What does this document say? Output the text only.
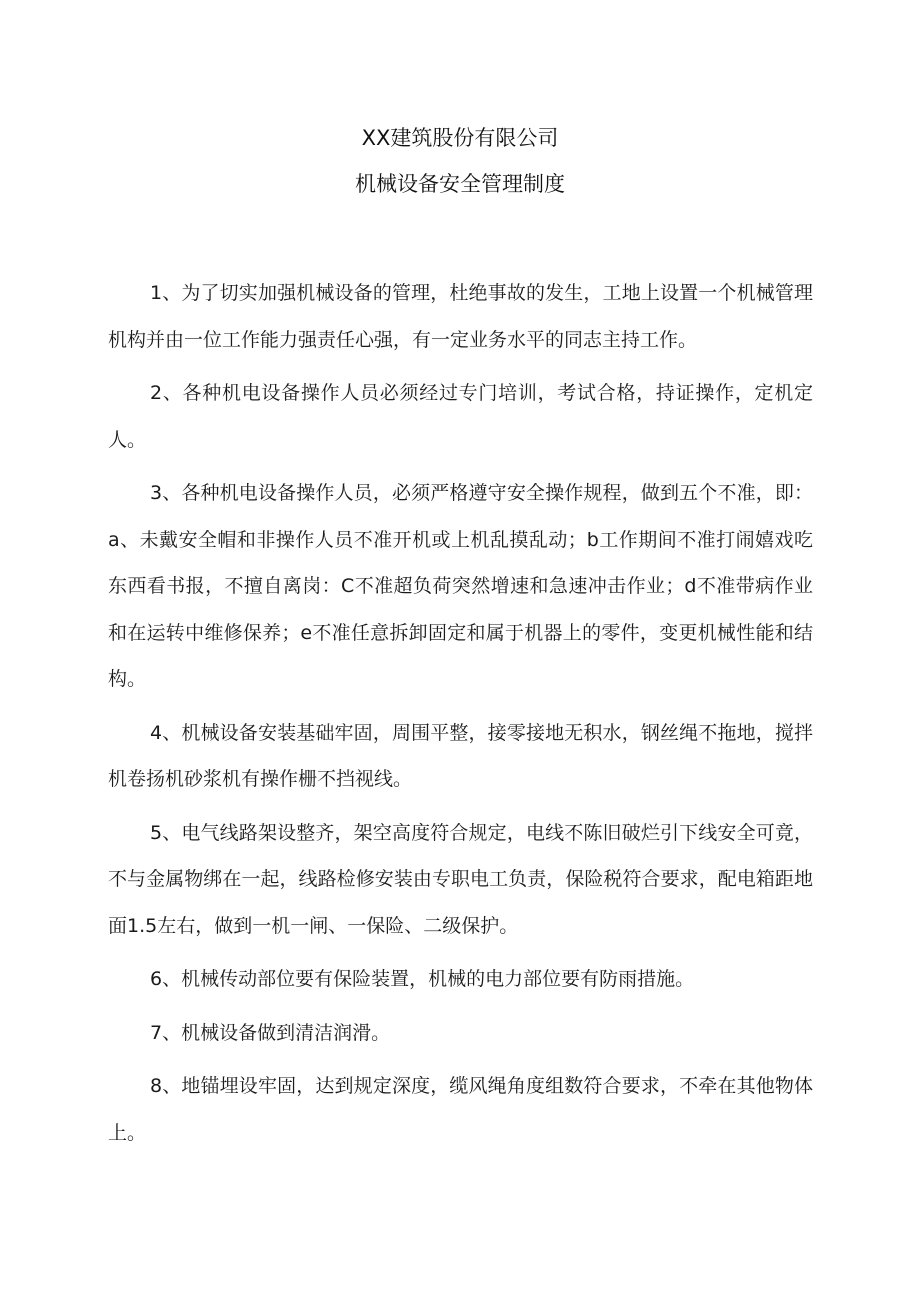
XX建筑股份有限公司
机械设备安全管理制度

1、为了切实加强机械设备的管理，杜绝事故的发生，工地上设置一个机械管理机构并由一位工作能力强责任心强，有一定业务水平的同志主持工作。

2、各种机电设备操作人员必须经过专门培训，考试合格，持证操作，定机定人。

3、各种机电设备操作人员，必须严格遵守安全操作规程，做到五个不准，即：a、未戴安全帽和非操作人员不准开机或上机乱摸乱动；b工作期间不准打闹嬉戏吃东西看书报，不擅自离岗：C不准超负荷突然增速和急速冲击作业；d不准带病作业和在运转中维修保养；e不准任意拆卸固定和属于机器上的零件，变更机械性能和结构。

4、机械设备安装基础牢固，周围平整，接零接地无积水，钢丝绳不拖地，搅拌机卷扬机砂浆机有操作栅不挡视线。

5、电气线路架设整齐，架空高度符合规定，电线不陈旧破烂引下线安全可竟，不与金属物绑在一起，线路检修安装由专职电工负责，保险税符合要求，配电箱距地面1.5左右，做到一机一闸、一保险、二级保护。

6、机械传动部位要有保险装置，机械的电力部位要有防雨措施。

7、机械设备做到清洁润滑。

8、地锚埋设牢固，达到规定深度，缆风绳角度组数符合要求，不牵在其他物体上。
